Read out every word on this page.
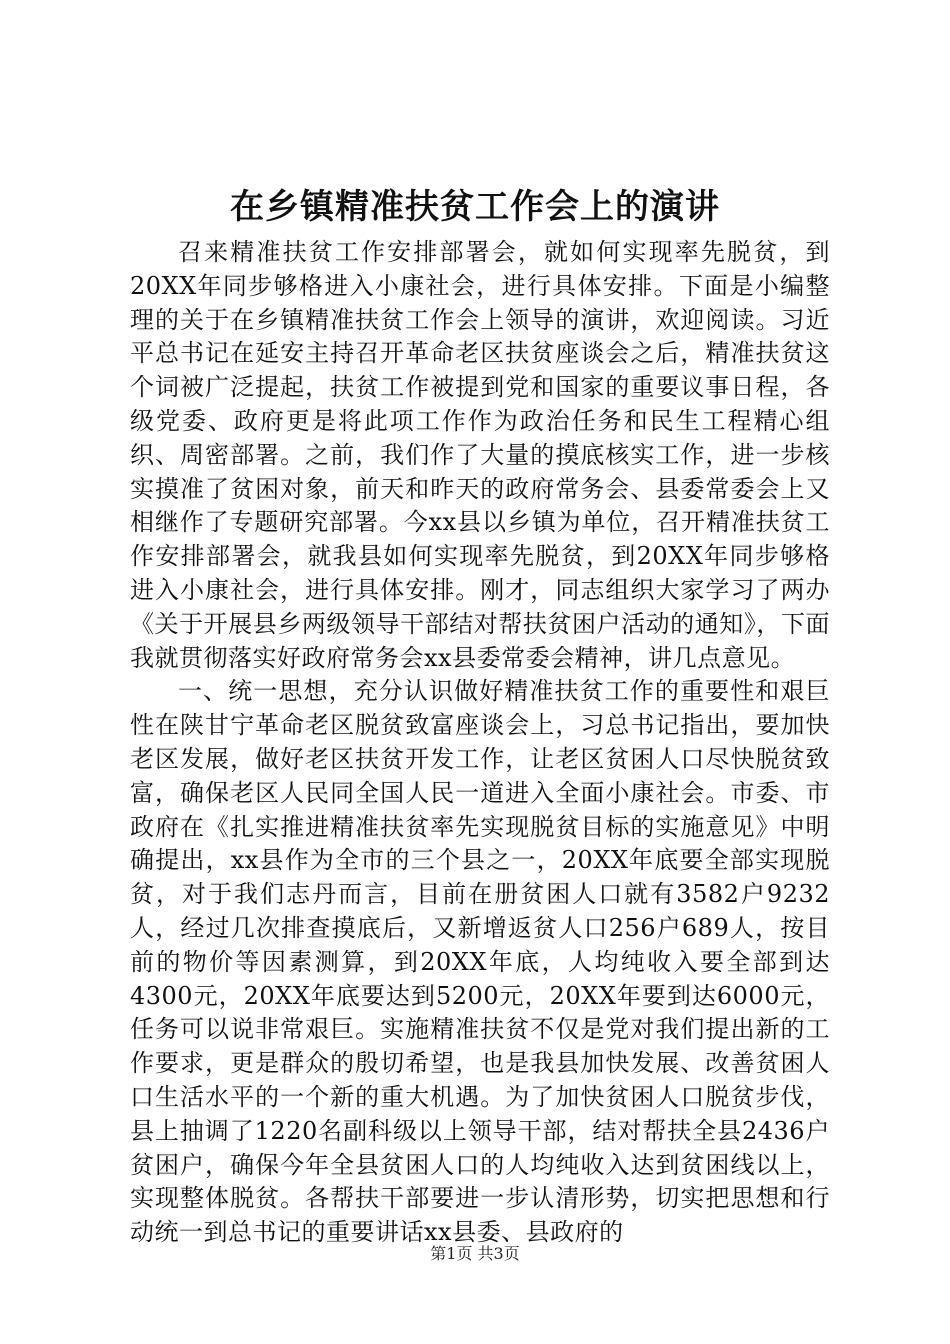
在乡镇精准扶贫工作会上的演讲

召来精准扶贫工作安排部署会，就如何实现率先脱贫，到20XX年同步够格进入小康社会，进行具体安排。下面是小编整理的关于在乡镇精准扶贫工作会上领导的演讲，欢迎阅读。习近平总书记在延安主持召开革命老区扶贫座谈会之后，精准扶贫这个词被广泛提起，扶贫工作被提到党和国家的重要议事日程，各级党委、政府更是将此项工作作为政治任务和民生工程精心组织、周密部署。之前，我们作了大量的摸底核实工作，进一步核实摸准了贫困对象，前天和昨天的政府常务会、县委常委会上又相继作了专题研究部署。今xx县以乡镇为单位，召开精准扶贫工作安排部署会，就我县如何实现率先脱贫，到20XX年同步够格进入小康社会，进行具体安排。刚才，同志组织大家学习了两办《关于开展县乡两级领导干部结对帮扶贫困户活动的通知》，下面我就贯彻落实好政府常务会xx县委常委会精神，讲几点意见。

一、统一思想，充分认识做好精准扶贫工作的重要性和艰巨性在陕甘宁革命老区脱贫致富座谈会上，习总书记指出，要加快老区发展，做好老区扶贫开发工作，让老区贫困人口尽快脱贫致富，确保老区人民同全国人民一道进入全面小康社会。市委、市政府在《扎实推进精准扶贫率先实现脱贫目标的实施意见》中明确提出，xx县作为全市的三个县之一，20XX年底要全部实现脱贫，对于我们志丹而言，目前在册贫困人口就有3582户9232人，经过几次排查摸底后，又新增返贫人口256户689人，按目前的物价等因素测算，到20XX年底，人均纯收入要全部到达4300元，20XX年底要达到5200元，20XX年要到达6000元，任务可以说非常艰巨。实施精准扶贫不仅是党对我们提出新的工作要求，更是群众的殷切希望，也是我县加快发展、改善贫困人口生活水平的一个新的重大机遇。为了加快贫困人口脱贫步伐，县上抽调了1220名副科级以上领导干部，结对帮扶全县2436户贫困户，确保今年全县贫困人口的人均纯收入达到贫困线以上，实现整体脱贫。各帮扶干部要进一步认清形势，切实把思想和行动统一到总书记的重要讲话xx县委、县政府的

第1页 共3页
